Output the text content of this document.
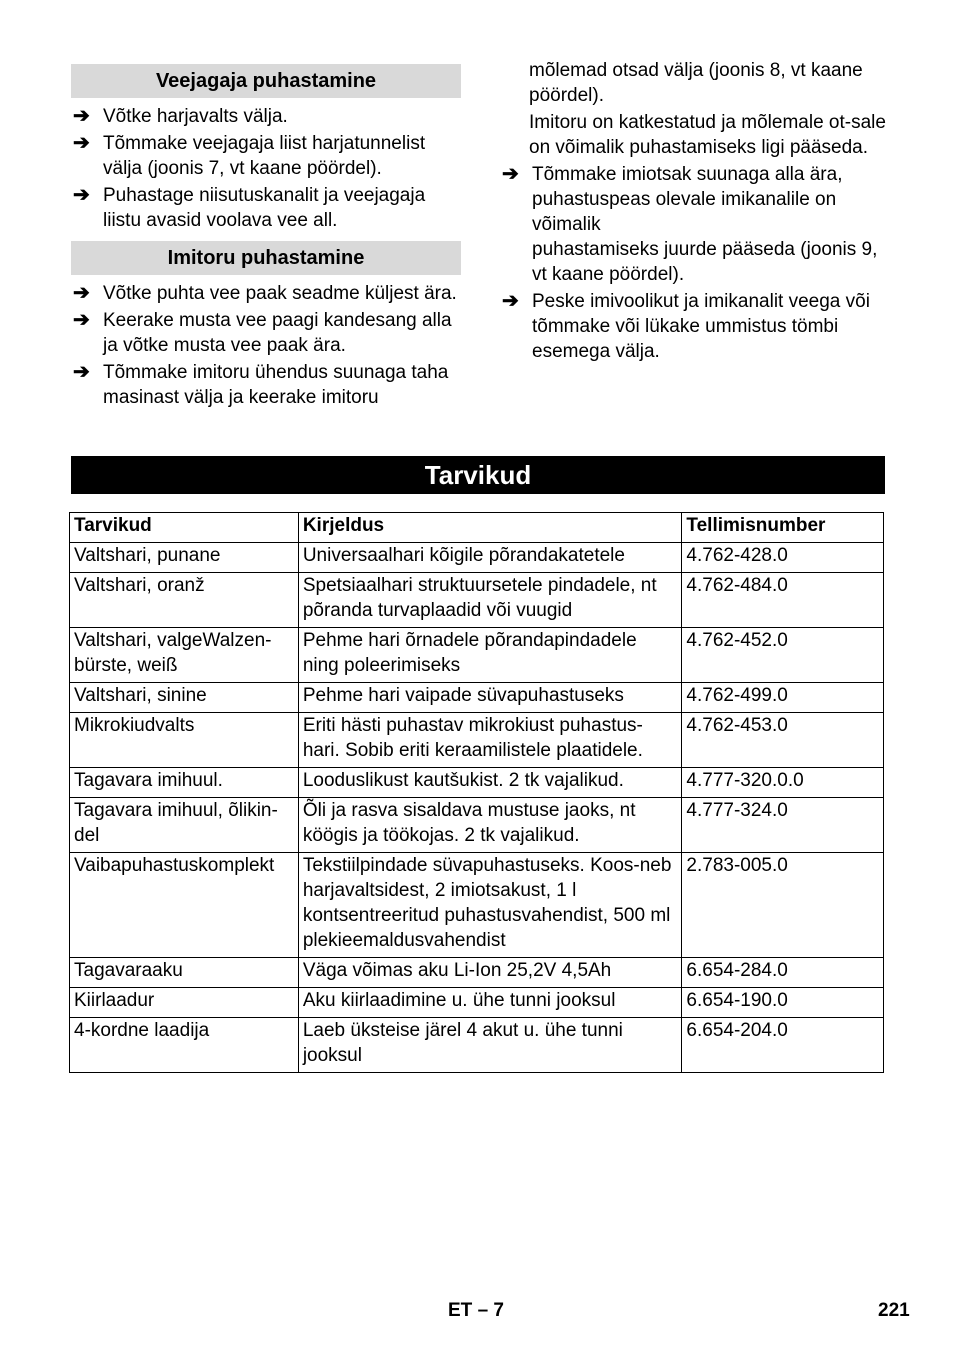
Veejagaja puhastamine
➔ Võtke harjavalts välja.
➔ Tõmmake veejagaja liist harjatunnelist välja (joonis 7, vt kaane pöördel).
➔ Puhastage niisutuskanalit ja veejagaja liistu avasid voolava vee all.
Imitoru puhastamine
➔ Võtke puhta vee paak seadme küljest ära.
➔ Keerake musta vee paagi kandesang alla ja võtke musta vee paak ära.
➔ Tõmmake imitoru ühendus suunaga taha masinast välja ja keerake imitoru

mõlemad otsad välja (joonis 8, vt kaane pöördel).

Imitoru on katkestatud ja mõlemale ot-sale on võimalik puhastamiseks ligi pääseda.

➔ Tõmmake imiotsak suunaga alla ära, puhastuspeas olevale imikanalile on võimalik
puhastamiseks juurde pääseda (joonis 9, vt kaane pöördel).
➔ Peske imivoolikut ja imikanalit veega või tõmmake või lükake ummistus tömbi esemega välja.
Tarvikud
Tarvikud	Kirjeldus	Tellimisnumber
Valtshari, punane	Universaalhari kõigile põrandakatetele	4.762-428.0
Valtshari, oranž	Spetsiaalhari struktuursetele pindadele, nt põranda turvaplaadid või vuugid	4.762-484.0
Valtshari, valgeWalzen-bürste, weiß	Pehme hari õrnadele põrandapindadele ning poleerimiseks	4.762-452.0
Valtshari, sinine	Pehme hari vaipade süvapuhastuseks	4.762-499.0
Mikrokiudvalts	Eriti hästi puhastav mikrokiust puhastus-hari. Sobib eriti keraamilistele plaatidele.	4.762-453.0
Tagavara imihuul.	Looduslikust kautšukist. 2 tk vajalikud.	4.777-320.0.0
Tagavara imihuul, õlikin-del	Õli ja rasva sisaldava mustuse jaoks, nt köögis ja töökojas. 2 tk vajalikud.	4.777-324.0
Vaibapuhastuskomplekt	Tekstiilpindade süvapuhastuseks. Koos-neb harjavaltsidest, 2 imiotsakust, 1 l kontsentreeritud puhastusvahendist, 500 ml plekieemaldusvahendist	2.783-005.0
Tagavaraaku	Väga võimas aku Li-Ion 25,2V 4,5Ah	6.654-284.0
Kiirlaadur	Aku kiirlaadimine u. ühe tunni jooksul	6.654-190.0
4-kordne laadija	Laeb üksteise järel 4 akut u. ühe tunni jooksul	6.654-204.0
ET – 7	221
